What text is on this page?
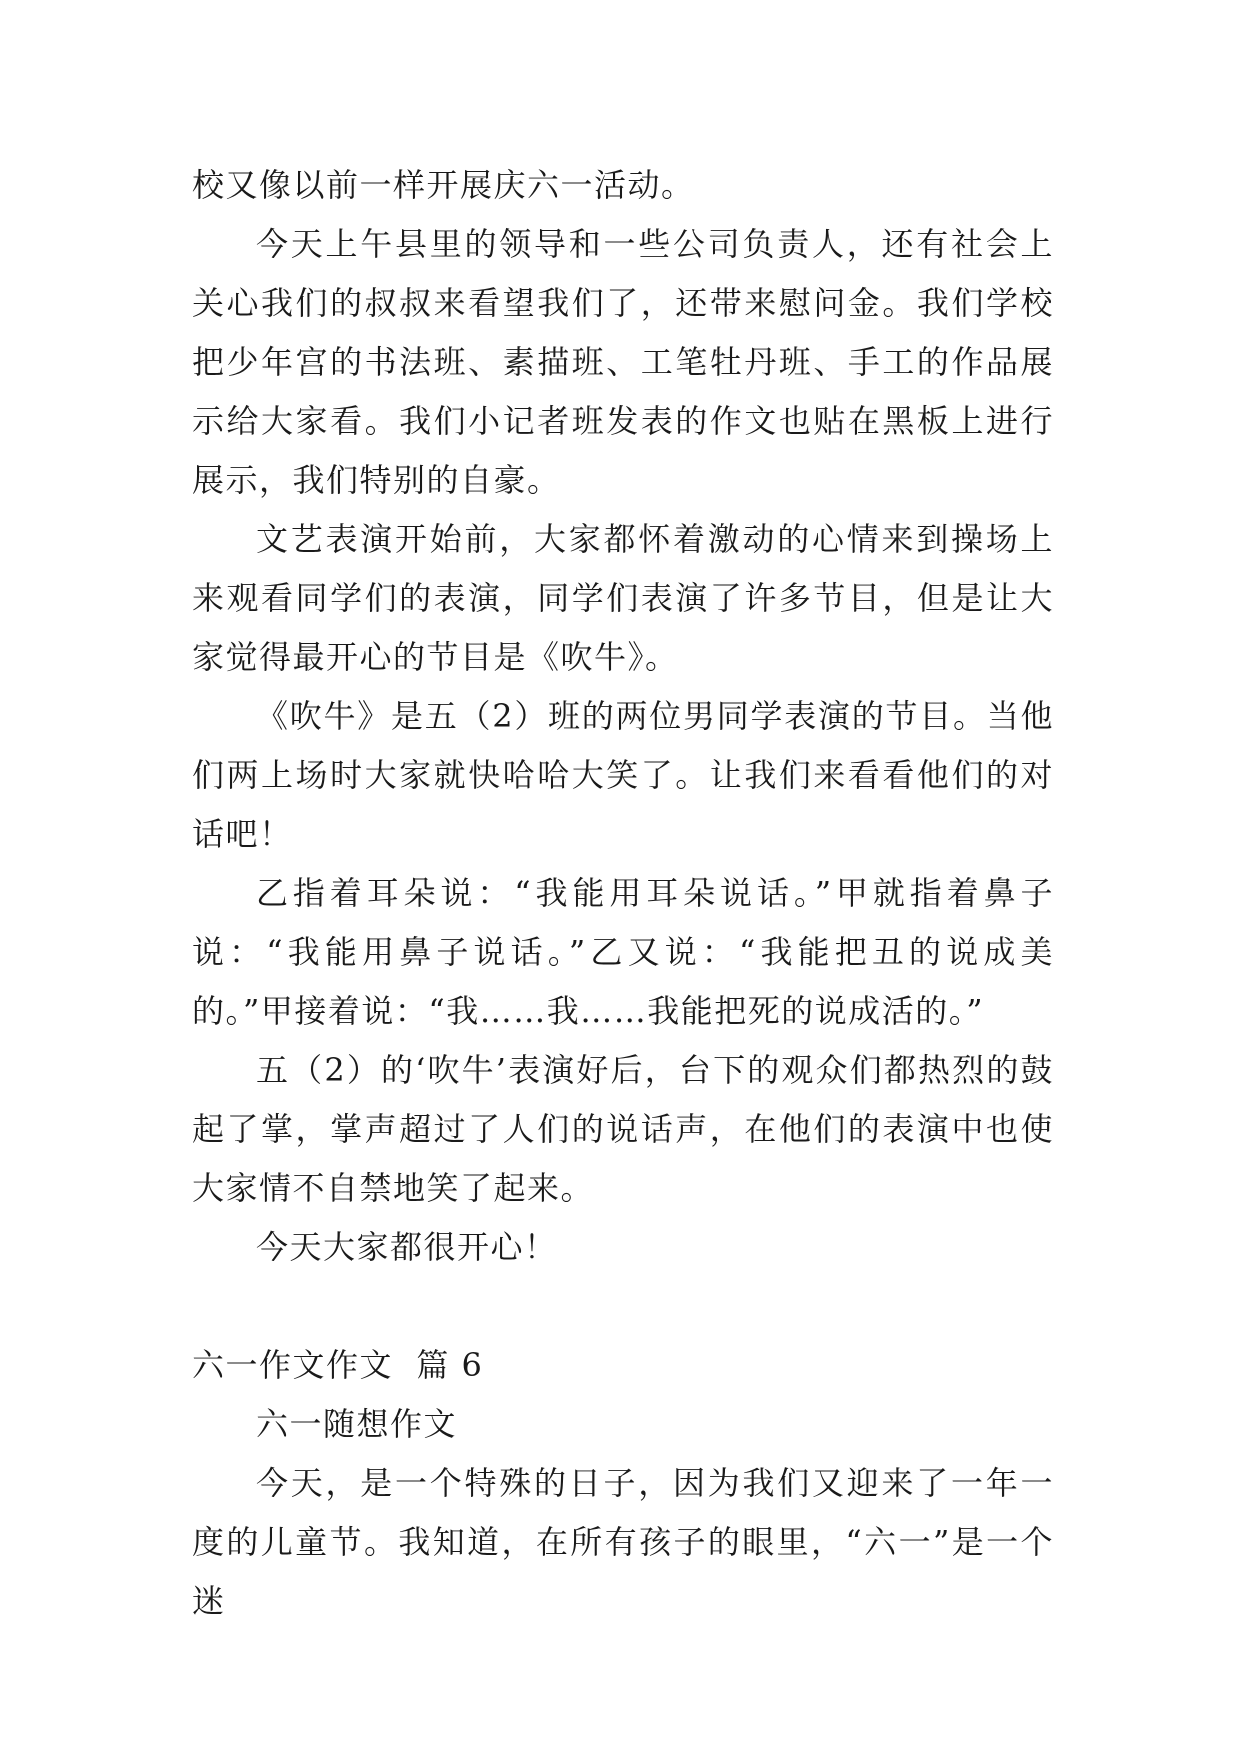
校又像以前一样开展庆六一活动。

今天上午县里的领导和一些公司负责人，还有社会上关心我们的叔叔来看望我们了，还带来慰问金。我们学校把少年宫的书法班、素描班、工笔牡丹班、手工的作品展示给大家看。我们小记者班发表的作文也贴在黑板上进行展示，我们特别的自豪。

文艺表演开始前，大家都怀着激动的心情来到操场上来观看同学们的表演，同学们表演了许多节目，但是让大家觉得最开心的节目是《吹牛》。

《吹牛》是五（2）班的两位男同学表演的节目。当他们两上场时大家就快哈哈大笑了。让我们来看看他们的对话吧！

乙指着耳朵说：“我能用耳朵说话。”甲就指着鼻子说：“我能用鼻子说话。”乙又说：“我能把丑的说成美的。”甲接着说：“我……我……我能把死的说成活的。”

五（2）的‘吹牛’表演好后，台下的观众们都热烈的鼓起了掌，掌声超过了人们的说话声，在他们的表演中也使大家情不自禁地笑了起来。

今天大家都很开心！

六一作文作文  篇 6

六一随想作文

今天，是一个特殊的日子，因为我们又迎来了一年一度的儿童节。我知道，在所有孩子的眼里，“六一”是一个迷
